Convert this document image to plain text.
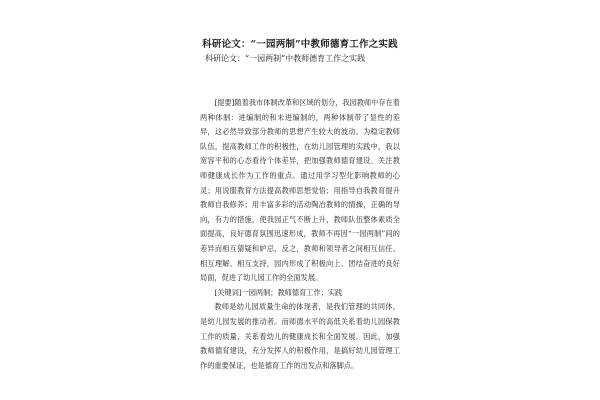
科研论文：“一园两制”中教师德育工作之实践
科研论文：“一园两制”中教师德育工作之实践

[提要]随着我市体制改革和区域的划分，我园教师中存在着两种体制：进编制的和未进编制的，两种体制带了显性的差异，这必然导致部分教师的思想产生较大的波动。为稳定教师队伍，提高教师工作的积极性，在幼儿园管理的实践中，我以宽容平和的心态看待个体差异，把加强教师德育建设、关注教师健康成长作为工作的重点。通过用学习型化影响教师的心灵；用说服教育方法提高教师思想觉悟；用指导自我教育提升教师自我修养；用丰富多彩的活动陶冶教师的情操，正确的导向，有力的措施，使我园正气不断上升，教师队伍整体素质全面提高，良好德育氛围迅速形成，教师不再因“一园两制”间的差异而相互猜疑和妒忌，反之，教师和领导者之间相互信任、相互理解、相互支持，园内形成了积极向上、团结奋进的良好局面，促进了幼儿园工作的全面发展。

[关键词]一园两制；教师德育工作；实践

教师是幼儿园质量生命的体现者，是我们管理的共同体，是幼儿园发展的推动者。而师德水平的高低关系着幼儿园保教工作的质量，关系着幼儿的健康成长和全面发展。因此，加强教师德育建设，充分发挥人的积极作用，是搞好幼儿园管理工作的重要保证，也是德育工作的出发点和落脚点。
